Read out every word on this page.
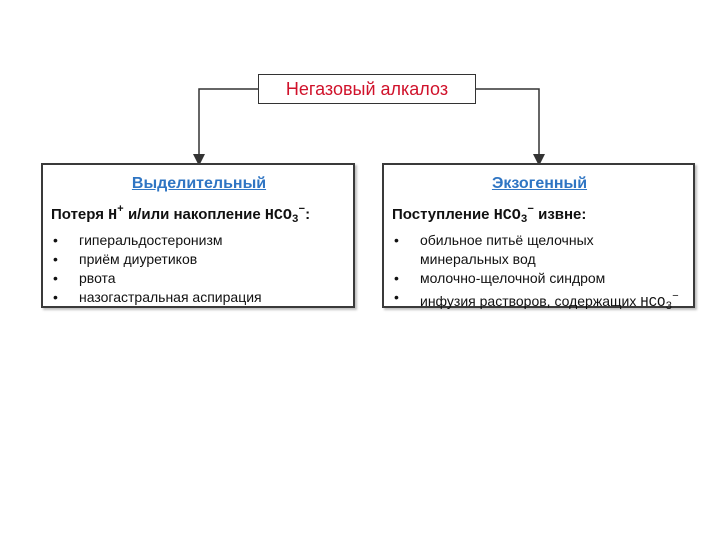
Негазовый алкалоз
Выделительный
Потеря H+ и/или накопление $HCO_3^-$:
• гиперальдостеронизм
• приём диуретиков
• рвота
• назогастральная аспирация
Экзогенный
Поступление $HCO_3^-$ извне:
• обильное питьё щелочных
минеральных вод
• молочно-щелочной синдром
• инфузия растворов, содержащих $HCO_3^-$
